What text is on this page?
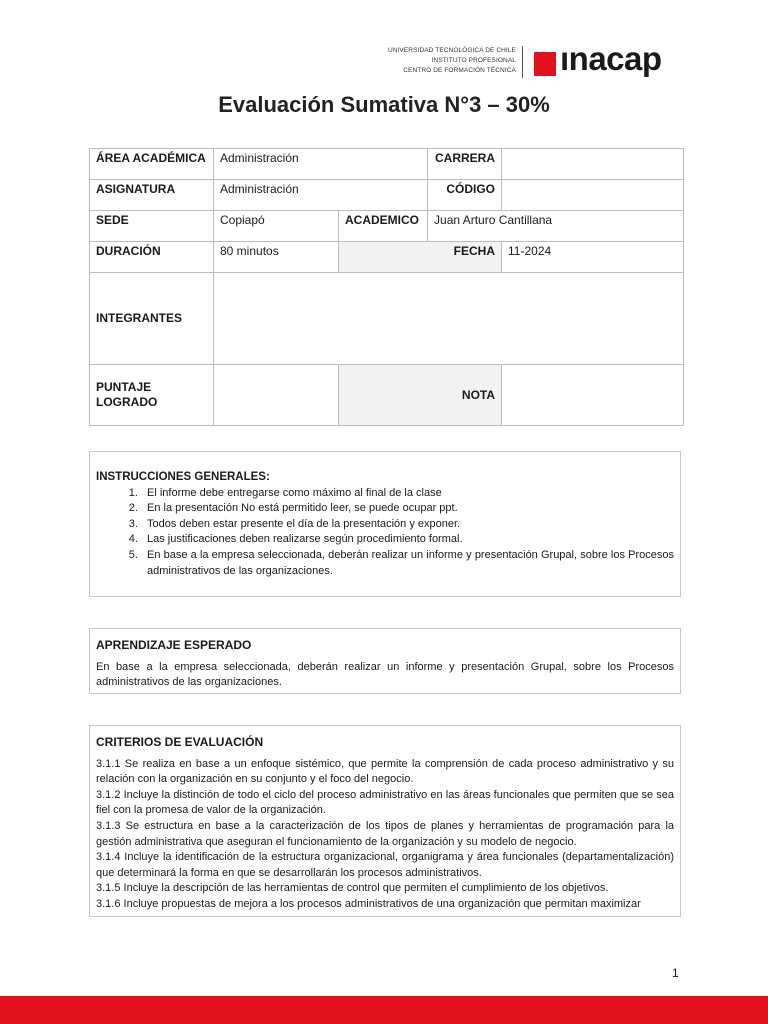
UNIVERSIDAD TECNOLÓGICA DE CHILE
INSTITUTO PROFESIONAL
CENTRO DE FORMACIÓN TÉCNICA ınacap
Evaluación Sumativa N°3 – 30%
ÁREA ACADÉMICA	Administración		CARRERA	
ASIGNATURA	Administración		CÓDIGO	
SEDE	Copiapó	ACADEMICO	Juan Arturo Cantillana	
DURACIÓN	80 minutos	FECHA		11-2024
INTEGRANTES				
PUNTAJE LOGRADO		NOTA		
INSTRUCCIONES GENERALES:
1. El informe debe entregarse como máximo al final de la clase
2. En la presentación No está permitido leer, se puede ocupar ppt.
3. Todos deben estar presente el día de la presentación y exponer.
4. Las justificaciones deben realizarse según procedimiento formal.
5. En base a la empresa seleccionada, deberán realizar un informe y presentación Grupal, sobre los Procesos administrativos de las organizaciones.
APRENDIZAJE ESPERADO
En base a la empresa seleccionada, deberán realizar un informe y presentación Grupal, sobre los Procesos administrativos de las organizaciones.
CRITERIOS DE EVALUACIÓN
3.1.1 Se realiza en base a un enfoque sistémico, que permite la comprensión de cada proceso administrativo y su relación con la organización en su conjunto y el foco del negocio.
3.1.2 Incluye la distinción de todo el ciclo del proceso administrativo en las áreas funcionales que permiten que se sea fiel con la promesa de valor de la organización.
3.1.3 Se estructura en base a la caracterización de los tipos de planes y herramientas de programación para la gestión administrativa que aseguran el funcionamiento de la organización y su modelo de negocio.
3.1.4 Incluye la identificación de la estructura organizacional, organigrama y área funcionales (departamentalización) que determinará la forma en que se desarrollarán los procesos administrativos.
3.1.5 Incluye la descripción de las herramientas de control que permiten el cumplimiento de los objetivos.
3.1.6 Incluye propuestas de mejora a los procesos administrativos de una organización que permitan maximizar
1
